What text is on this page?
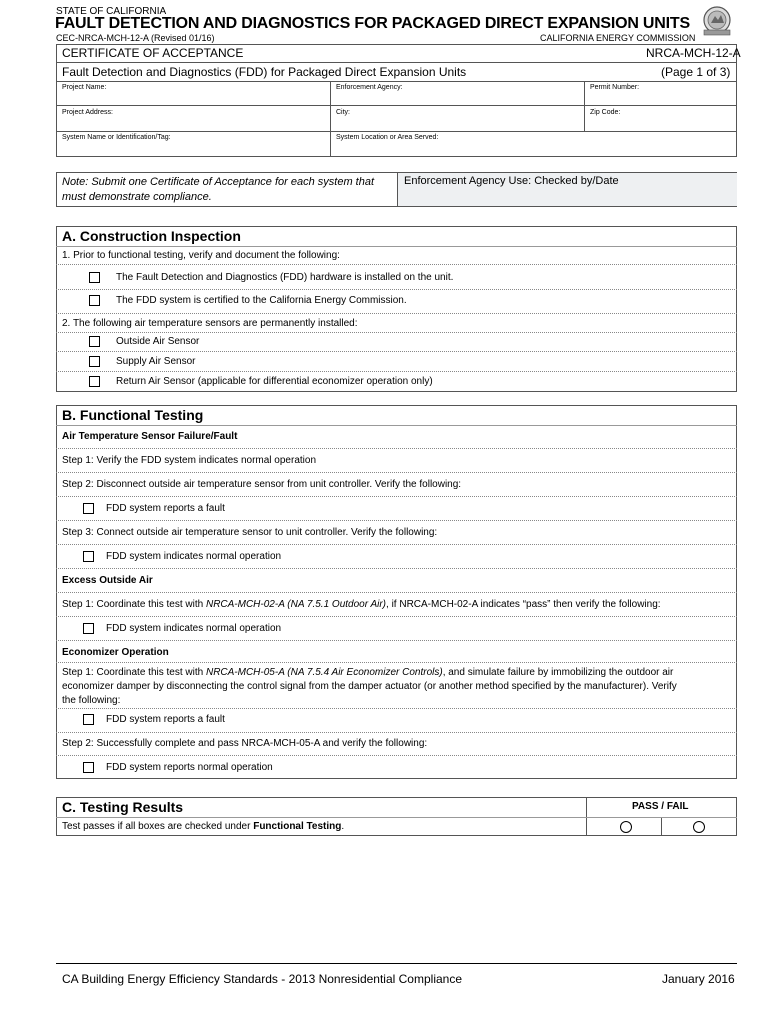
STATE OF CALIFORNIA
FAULT DETECTION AND DIAGNOSTICS FOR PACKAGED DIRECT EXPANSION UNITS
CEC-NRCA-MCH-12-A (Revised 01/16)	CALIFORNIA ENERGY COMMISSION
CERTIFICATE OF ACCEPTANCE	NRCA-MCH-12-A
Fault Detection and Diagnostics (FDD) for Packaged Direct Expansion Units	(Page 1 of 3)
Project Name:	Enforcement Agency:	Permit Number:
Project Address:	City:	Zip Code:
System Name or Identification/Tag:	System Location or Area Served:
Note: Submit one Certificate of Acceptance for each system that must demonstrate compliance.
Enforcement Agency Use: Checked by/Date
A. Construction Inspection
1. Prior to functional testing, verify and document the following:
The Fault Detection and Diagnostics (FDD) hardware is installed on the unit.
The FDD system is certified to the California Energy Commission.
2. The following air temperature sensors are permanently installed:
Outside Air Sensor
Supply Air Sensor
Return Air Sensor (applicable for differential economizer operation only)
B. Functional Testing
Air Temperature Sensor Failure/Fault
Step 1: Verify the FDD system indicates normal operation
Step 2: Disconnect outside air temperature sensor from unit controller. Verify the following:
FDD system reports a fault
Step 3: Connect outside air temperature sensor to unit controller. Verify the following:
FDD system indicates normal operation
Excess Outside Air
Step 1: Coordinate this test with NRCA-MCH-02-A (NA 7.5.1 Outdoor Air), if NRCA-MCH-02-A indicates “pass” then verify the following:
FDD system indicates normal operation
Economizer Operation
Step 1: Coordinate this test with NRCA-MCH-05-A (NA 7.5.4 Air Economizer Controls), and simulate failure by immobilizing the outdoor air
economizer damper by disconnecting the control signal from the damper actuator (or another method specified by the manufacturer). Verify
the following:
FDD system reports a fault
Step 2: Successfully complete and pass NRCA-MCH-05-A and verify the following:
FDD system reports normal operation
C. Testing Results	PASS / FAIL
Test passes if all boxes are checked under Functional Testing.
CA Building Energy Efficiency Standards - 2013 Nonresidential Compliance	January 2016
